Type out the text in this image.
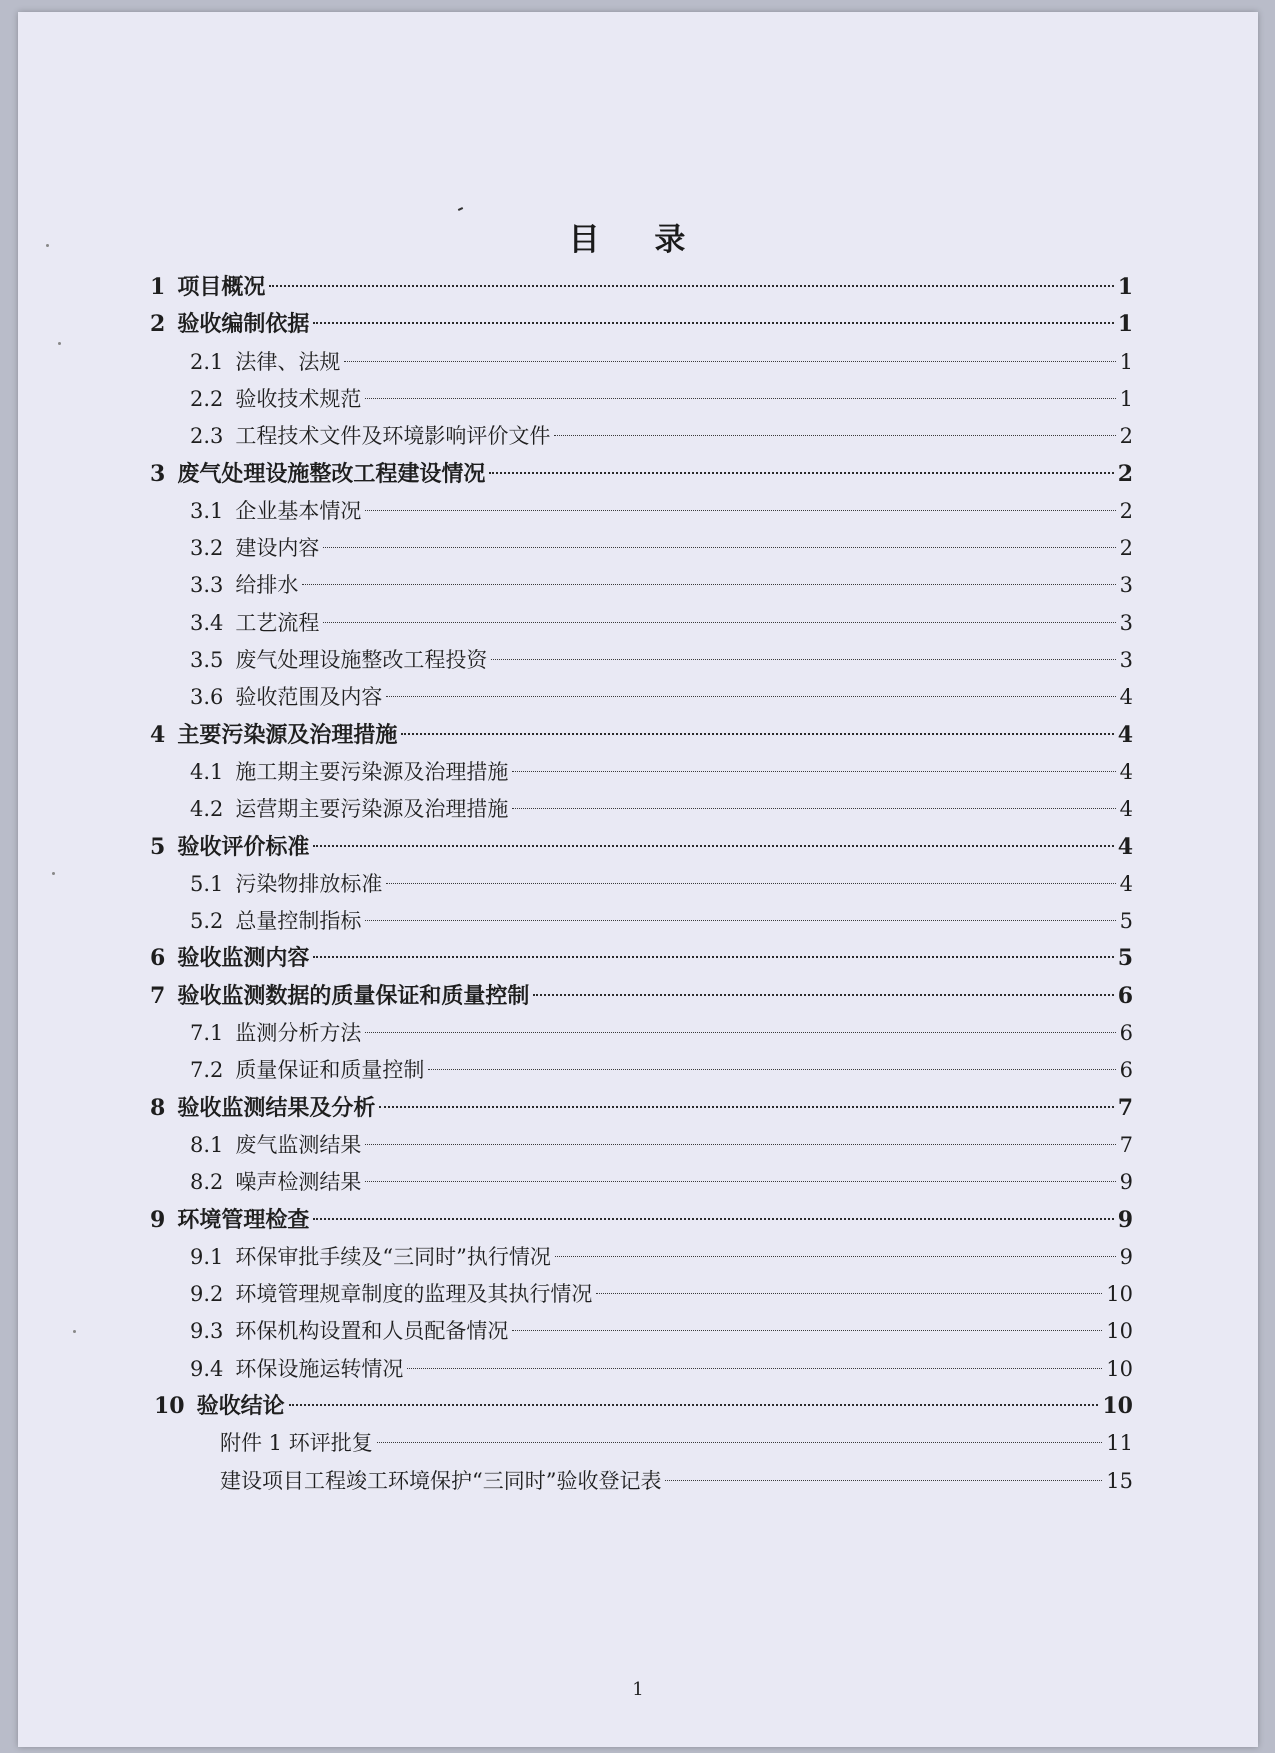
目 录
1 项目概况	1
2 验收编制依据	1
2.1 法律、法规	1
2.2 验收技术规范	1
2.3 工程技术文件及环境影响评价文件	2
3 废气处理设施整改工程建设情况	2
3.1 企业基本情况	2
3.2 建设内容	2
3.3 给排水	3
3.4 工艺流程	3
3.5 废气处理设施整改工程投资	3
3.6 验收范围及内容	4
4 主要污染源及治理措施	4
4.1 施工期主要污染源及治理措施	4
4.2 运营期主要污染源及治理措施	4
5 验收评价标准	4
5.1 污染物排放标准	4
5.2 总量控制指标	5
6 验收监测内容	5
7 验收监测数据的质量保证和质量控制	6
7.1 监测分析方法	6
7.2 质量保证和质量控制	6
8 验收监测结果及分析	7
8.1 废气监测结果	7
8.2 噪声检测结果	9
9 环境管理检查	9
9.1 环保审批手续及“三同时”执行情况	9
9.2 环境管理规章制度的监理及其执行情况	10
9.3 环保机构设置和人员配备情况	10
9.4 环保设施运转情况	10
10 验收结论	10
附件 1 环评批复	11
建设项目工程竣工环境保护“三同时”验收登记表	15
1
